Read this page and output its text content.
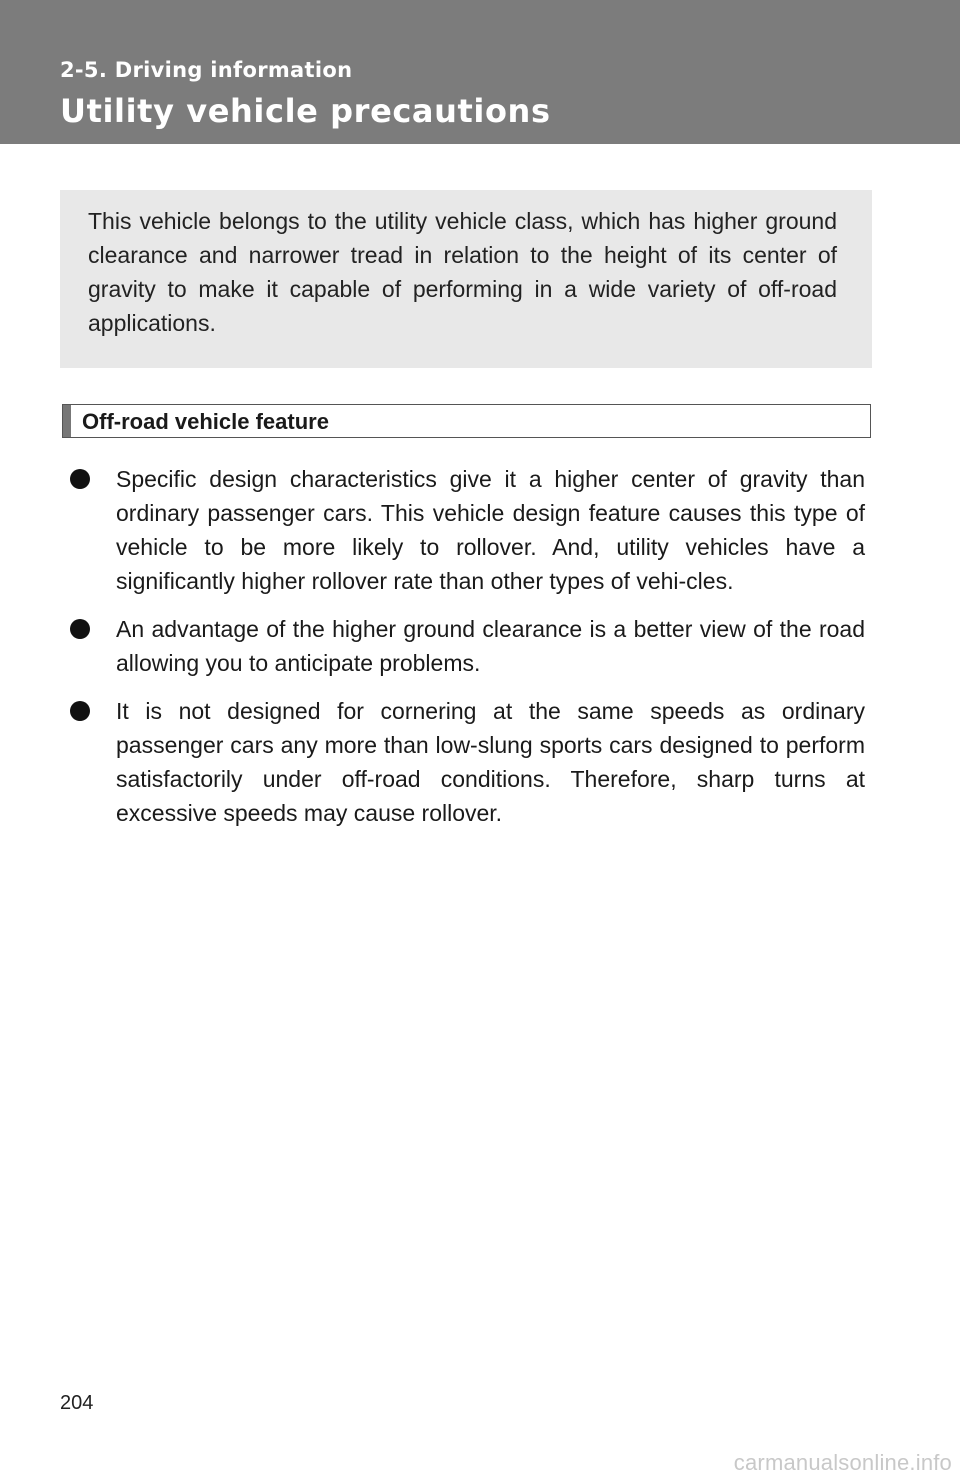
2-5. Driving information
Utility vehicle precautions

This vehicle belongs to the utility vehicle class, which has higher ground clearance and narrower tread in relation to the height of its center of gravity to make it capable of performing in a wide variety of off-road applications.

Off-road vehicle feature
Specific design characteristics give it a higher center of gravity than ordinary passenger cars. This vehicle design feature causes this type of vehicle to be more likely to rollover. And, utility vehicles have a significantly higher rollover rate than other types of vehi-cles.
An advantage of the higher ground clearance is a better view of the road allowing you to anticipate problems.
It is not designed for cornering at the same speeds as ordinary passenger cars any more than low-slung sports cars designed to perform satisfactorily under off-road conditions. Therefore, sharp turns at excessive speeds may cause rollover.
204
carmanualsonline.info
